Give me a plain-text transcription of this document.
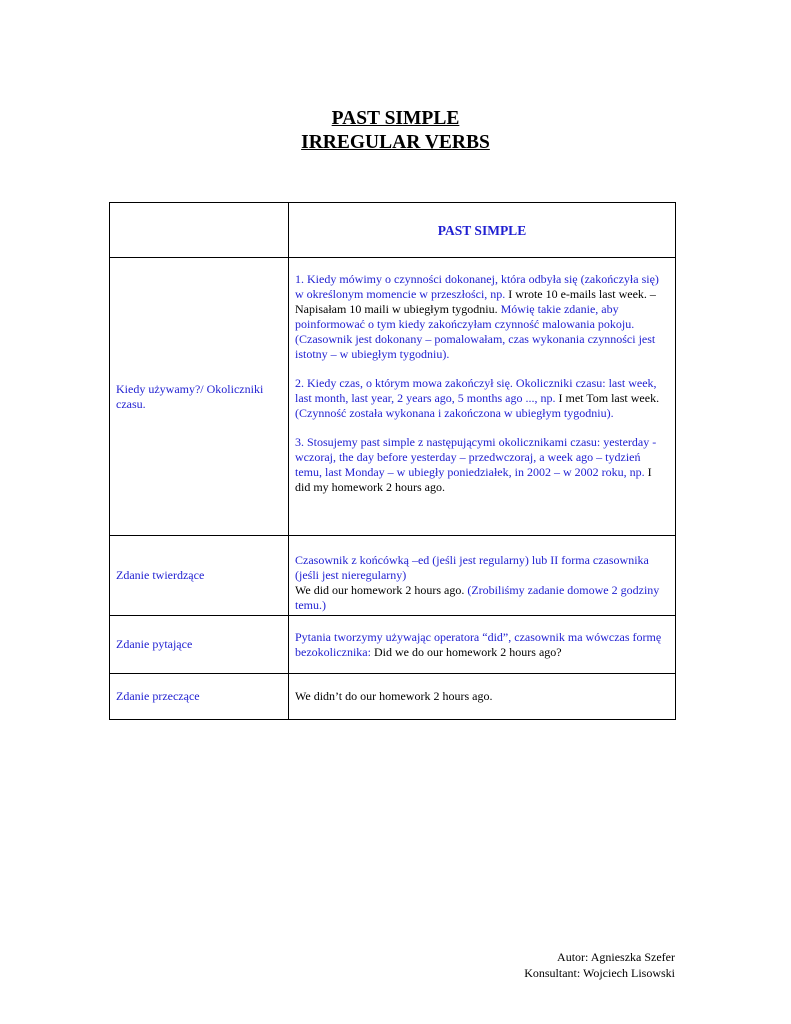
PAST SIMPLE
IRREGULAR VERBS
	PAST SIMPLE
Kiedy używamy?/ Okoliczniki czasu.	1. Kiedy mówimy o czynności dokonanej, która odbyła się (zakończyła się) w określonym momencie w przeszłości, np. I wrote 10 e-mails last week. – Napisałam 10 maili w ubiegłym tygodniu. Mówię takie zdanie, aby poinformować o tym kiedy zakończyłam czynność malowania pokoju. (Czasownik jest dokonany – pomalowałam, czas wykonania czynności jest istotny – w ubiegłym tygodniu).

2. Kiedy czas, o którym mowa zakończył się. Okoliczniki czasu: last week, last month, last year, 2 years ago, 5 months ago ..., np. I met Tom last week. (Czynność została wykonana i zakończona w ubiegłym tygodniu).

3. Stosujemy past simple z następującymi okolicznikami czasu: yesterday - wczoraj, the day before yesterday – przedwczoraj, a week ago – tydzień temu, last Monday – w ubiegły poniedziałek, in 2002 – w 2002 roku, np. I did my homework 2 hours ago.

Zdanie twierdzące	Czasownik z końcówką –ed (jeśli jest regularny) lub II forma czasownika (jeśli jest nieregularny)
We did our homework 2 hours ago. (Zrobiliśmy zadanie domowe 2 godziny temu.)

Zdanie pytające	Pytania tworzymy używając operatora “did”, czasownik ma wówczas formę bezokolicznika: Did we do our homework 2 hours ago?
Zdanie przeczące	We didn’t do our homework 2 hours ago.
Autor: Agnieszka Szefer
Konsultant: Wojciech Lisowski
